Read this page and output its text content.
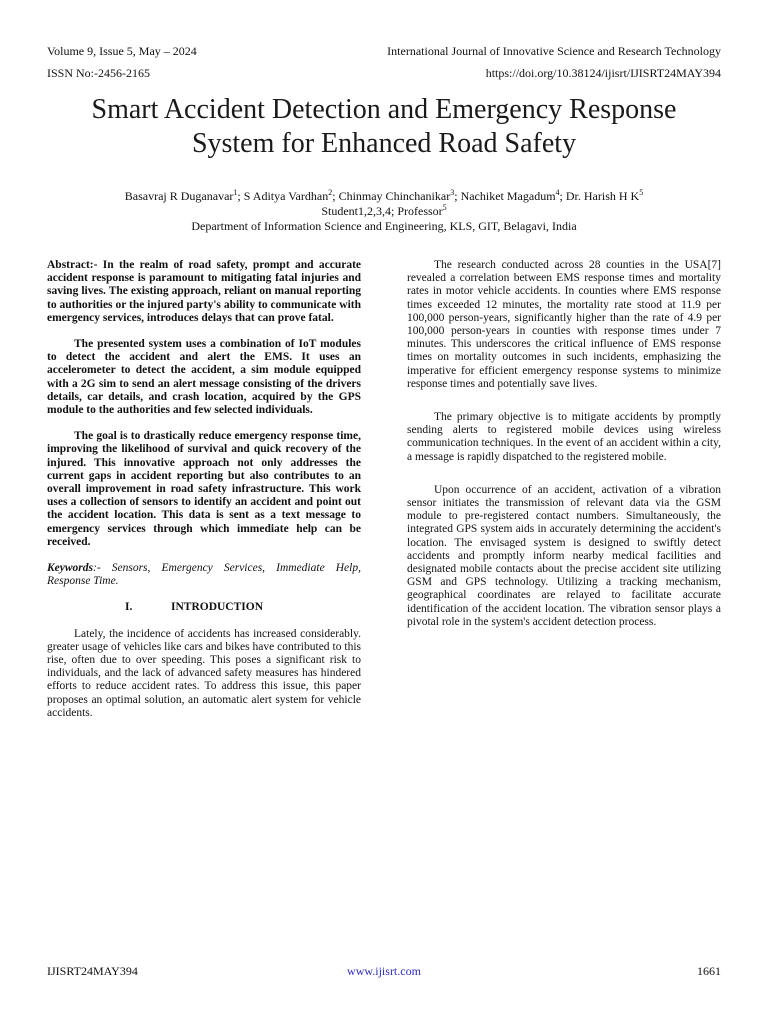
Volume 9, Issue 5, May – 2024	International Journal of Innovative Science and Research Technology
ISSN No:-2456-2165	https://doi.org/10.38124/ijisrt/IJISRT24MAY394
Smart Accident Detection and Emergency Response
System for Enhanced Road Safety
Basavraj R Duganavar$^1$; S Aditya Vardhan$^2$; Chinmay Chinchanikar$^3$; Nachiket Magadum$^4$; Dr. Harish H $K^5$
Student1,2,3,4; Professor$^5$
Department of Information Science and Engineering, KLS, GIT, Belagavi, India

Abstract:- In the realm of road safety, prompt and accurate accident response is paramount to mitigating fatal injuries and saving lives. The existing approach, reliant on manual reporting to authorities or the injured party's ability to communicate with emergency services, introduces delays that can prove fatal.

The presented system uses a combination of IoT modules to detect the accident and alert the EMS. It uses an accelerometer to detect the accident, a sim module equipped with a 2G sim to send an alert message consisting of the drivers details, car details, and crash location, acquired by the GPS module to the authorities and few selected individuals.

The goal is to drastically reduce emergency response time, improving the likelihood of survival and quick recovery of the injured. This innovative approach not only addresses the current gaps in accident reporting but also contributes to an overall improvement in road safety infrastructure. This work uses a collection of sensors to identify an accident and point out the accident location. This data is sent as a text message to emergency services through which immediate help can be received.

Keywords:- Sensors, Emergency Services, Immediate Help, Response Time.

I.	INTRODUCTION

Lately, the incidence of accidents has increased considerably. greater usage of vehicles like cars and bikes have contributed to this rise, often due to over speeding. This poses a significant risk to individuals, and the lack of advanced safety measures has hindered efforts to reduce accident rates. To address this issue, this paper proposes an optimal solution, an automatic alert system for vehicle accidents.

The research conducted across 28 counties in the USA[7] revealed a correlation between EMS response times and mortality rates in motor vehicle accidents. In counties where EMS response times exceeded 12 minutes, the mortality rate stood at 11.9 per 100,000 person-years, significantly higher than the rate of 4.9 per 100,000 person-years in counties with response times under 7 minutes. This underscores the critical influence of EMS response times on mortality outcomes in such incidents, emphasizing the imperative for efficient emergency response systems to minimize response times and potentially save lives.

The primary objective is to mitigate accidents by promptly sending alerts to registered mobile devices using wireless communication techniques. In the event of an accident within a city, a message is rapidly dispatched to the registered mobile.

Upon occurrence of an accident, activation of a vibration sensor initiates the transmission of relevant data via the GSM module to pre-registered contact numbers. Simultaneously, the integrated GPS system aids in accurately determining the accident's location. The envisaged system is designed to swiftly detect accidents and promptly inform nearby medical facilities and designated mobile contacts about the precise accident site utilizing GSM and GPS technology. Utilizing a tracking mechanism, geographical coordinates are relayed to facilitate accurate identification of the accident location. The vibration sensor plays a pivotal role in the system's accident detection process.

IJISRT24MAY394	www.ijisrt.com	1661
